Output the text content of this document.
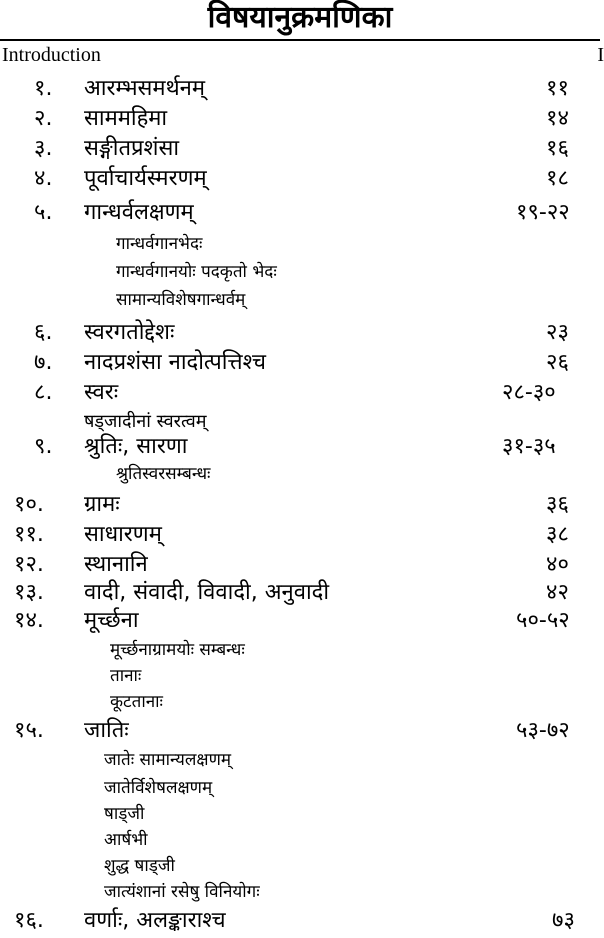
विषयानुक्रमणिका
Introduction	I
१. आरम्भसमर्थनम्	११
२. साममहिमा	१४
३. सङ्गीतप्रशंसा	१६
४. पूर्वाचार्यस्मरणम्	१८
५. गान्धर्वलक्षणम्	१९-२२
गान्धर्वगानभेदः
गान्धर्वगानयोः पदकृतो भेदः
सामान्यविशेषगान्धर्वम्
६. स्वरगतोद्देशः	२३
७. नादप्रशंसा नादोत्पत्तिश्च	२६
८. स्वरः	२८-३०
षड्जादीनां स्वरत्वम्
९. श्रुतिः, सारणा	३१-३५
श्रुतिस्वरसम्बन्धः
१०. ग्रामः	३६
११. साधारणम्	३८
१२. स्थानानि	४०
१३. वादी, संवादी, विवादी, अनुवादी	४२
१४. मूर्च्छना	५०-५२
मूर्च्छनाग्रामयोः सम्बन्धः
तानाः
कूटतानाः
१५. जातिः	५३-७२
जातेः सामान्यलक्षणम्
जातेर्विशेषलक्षणम्
षाड्जी
आर्षभी
शुद्ध षाड्जी
जात्यंशानां रसेषु विनियोगः
१६. वर्णाः, अलङ्काराश्च	७३
